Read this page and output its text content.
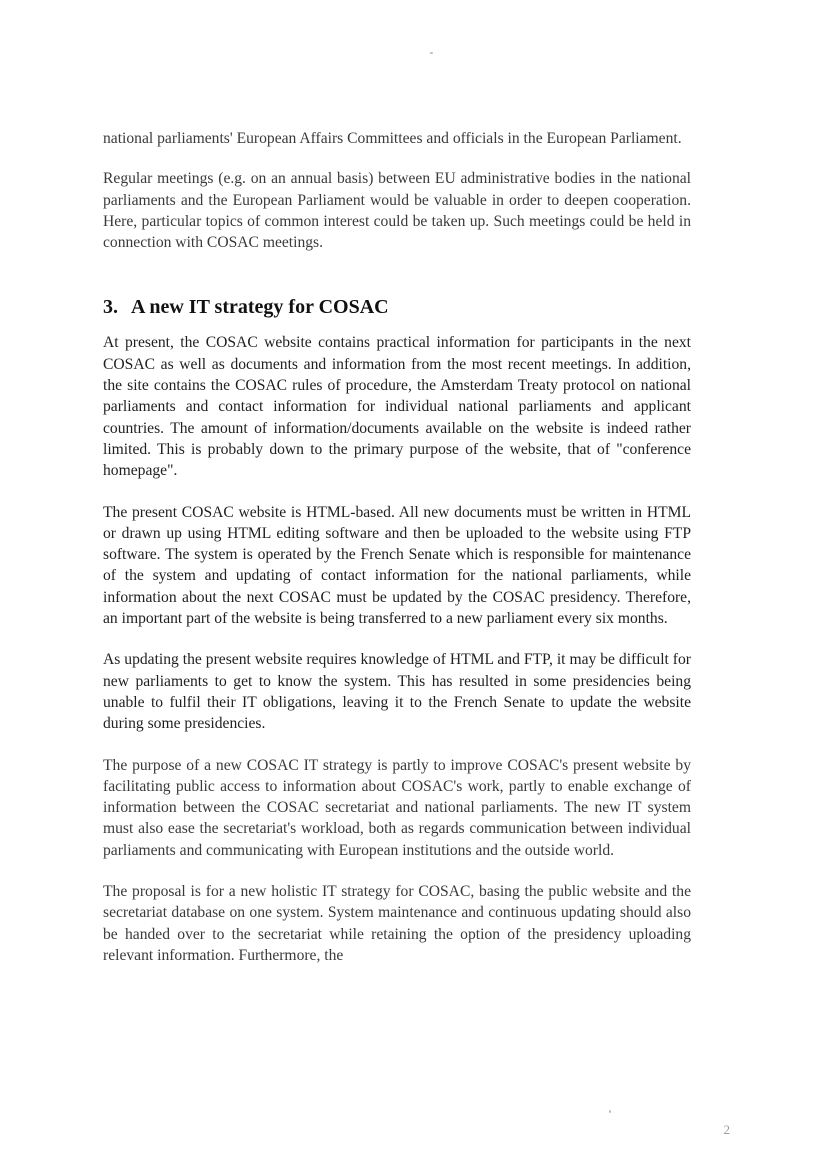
national parliaments' European Affairs Committees and officials in the European Parliament.

Regular meetings (e.g. on an annual basis) between EU administrative bodies in the national parliaments and the European Parliament would be valuable in order to deepen cooperation. Here, particular topics of common interest could be taken up. Such meetings could be held in connection with COSAC meetings.

3. A new IT strategy for COSAC

At present, the COSAC website contains practical information for participants in the next COSAC as well as documents and information from the most recent meetings. In addition, the site contains the COSAC rules of procedure, the Amsterdam Treaty protocol on national parliaments and contact information for individual national parliaments and applicant countries. The amount of information/documents available on the website is indeed rather limited. This is probably down to the primary purpose of the website, that of "conference homepage".

The present COSAC website is HTML-based. All new documents must be written in HTML or drawn up using HTML editing software and then be uploaded to the website using FTP software. The system is operated by the French Senate which is responsible for maintenance of the system and updating of contact information for the national parliaments, while information about the next COSAC must be updated by the COSAC presidency. Therefore, an important part of the website is being transferred to a new parliament every six months.

As updating the present website requires knowledge of HTML and FTP, it may be difficult for new parliaments to get to know the system. This has resulted in some presidencies being unable to fulfil their IT obligations, leaving it to the French Senate to update the website during some presidencies.

The purpose of a new COSAC IT strategy is partly to improve COSAC's present website by facilitating public access to information about COSAC's work, partly to enable exchange of information between the COSAC secretariat and national parliaments. The new IT system must also ease the secretariat's workload, both as regards communication between individual parliaments and communicating with European institutions and the outside world.

The proposal is for a new holistic IT strategy for COSAC, basing the public website and the secretariat database on one system. System maintenance and continuous updating should also be handed over to the secretariat while retaining the option of the presidency uploading relevant information. Furthermore, the

2
